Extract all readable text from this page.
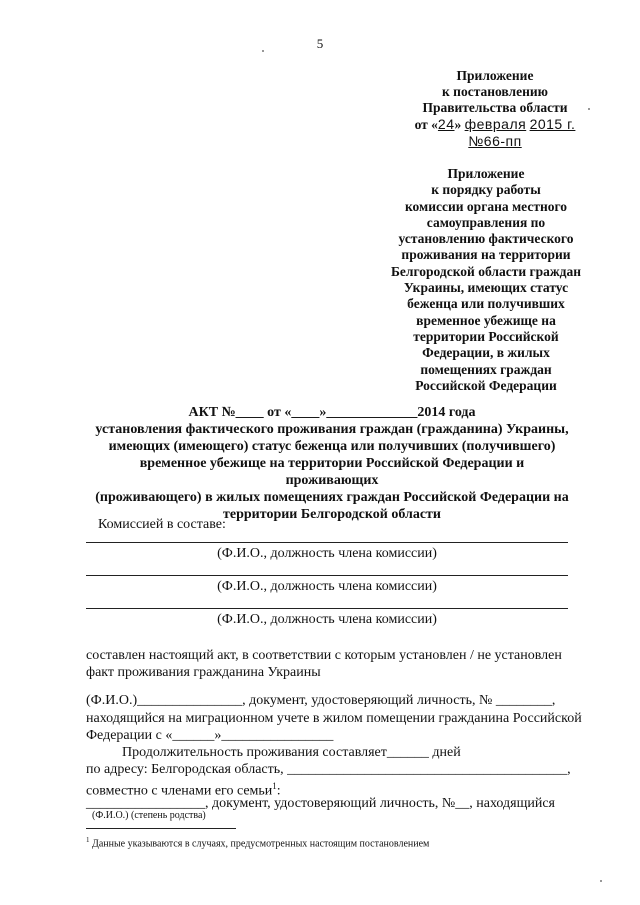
5
Приложение
к постановлению
Правительства области
от «24» февраля 2015 г.
№66-пп
Приложение
к порядку работы
комиссии органа местного
самоуправления по
установлению фактического
проживания на территории
Белгородской области граждан
Украины, имеющих статус
беженца или получивших
временное убежище на
территории Российской
Федерации, в жилых
помещениях граждан
Российской Федерации
АКТ №____ от «____»_____________2014 года
установления фактического проживания граждан (гражданина) Украины,
имеющих (имеющего) статус беженца или получивших (получившего)
временное убежище на территории Российской Федерации и проживающих
(проживающего) в жилых помещениях граждан Российской Федерации на
территории Белгородской области
Комиссией в составе:
(Ф.И.О., должность члена комиссии)
(Ф.И.О., должность члена комиссии)
(Ф.И.О., должность члена комиссии)
составлен настоящий акт, в соответствии с которым установлен / не установлен
факт проживания гражданина Украины
(Ф.И.О.)_______________, документ, удостоверяющий личность, № ________,
находящийся на миграционном учете в жилом помещении гражданина Российской
Федерации с «______»________________
Продолжительность проживания составляет______ дней
по адресу: Белгородская область, ________________________________________,
совместно с членами его семьи$^1$:
_________________, документ, удостоверяющий личность, №__, находящийся
(Ф.И.О.) (степень родства)
$^1$ Данные указываются в случаях, предусмотренных настоящим постановлением
